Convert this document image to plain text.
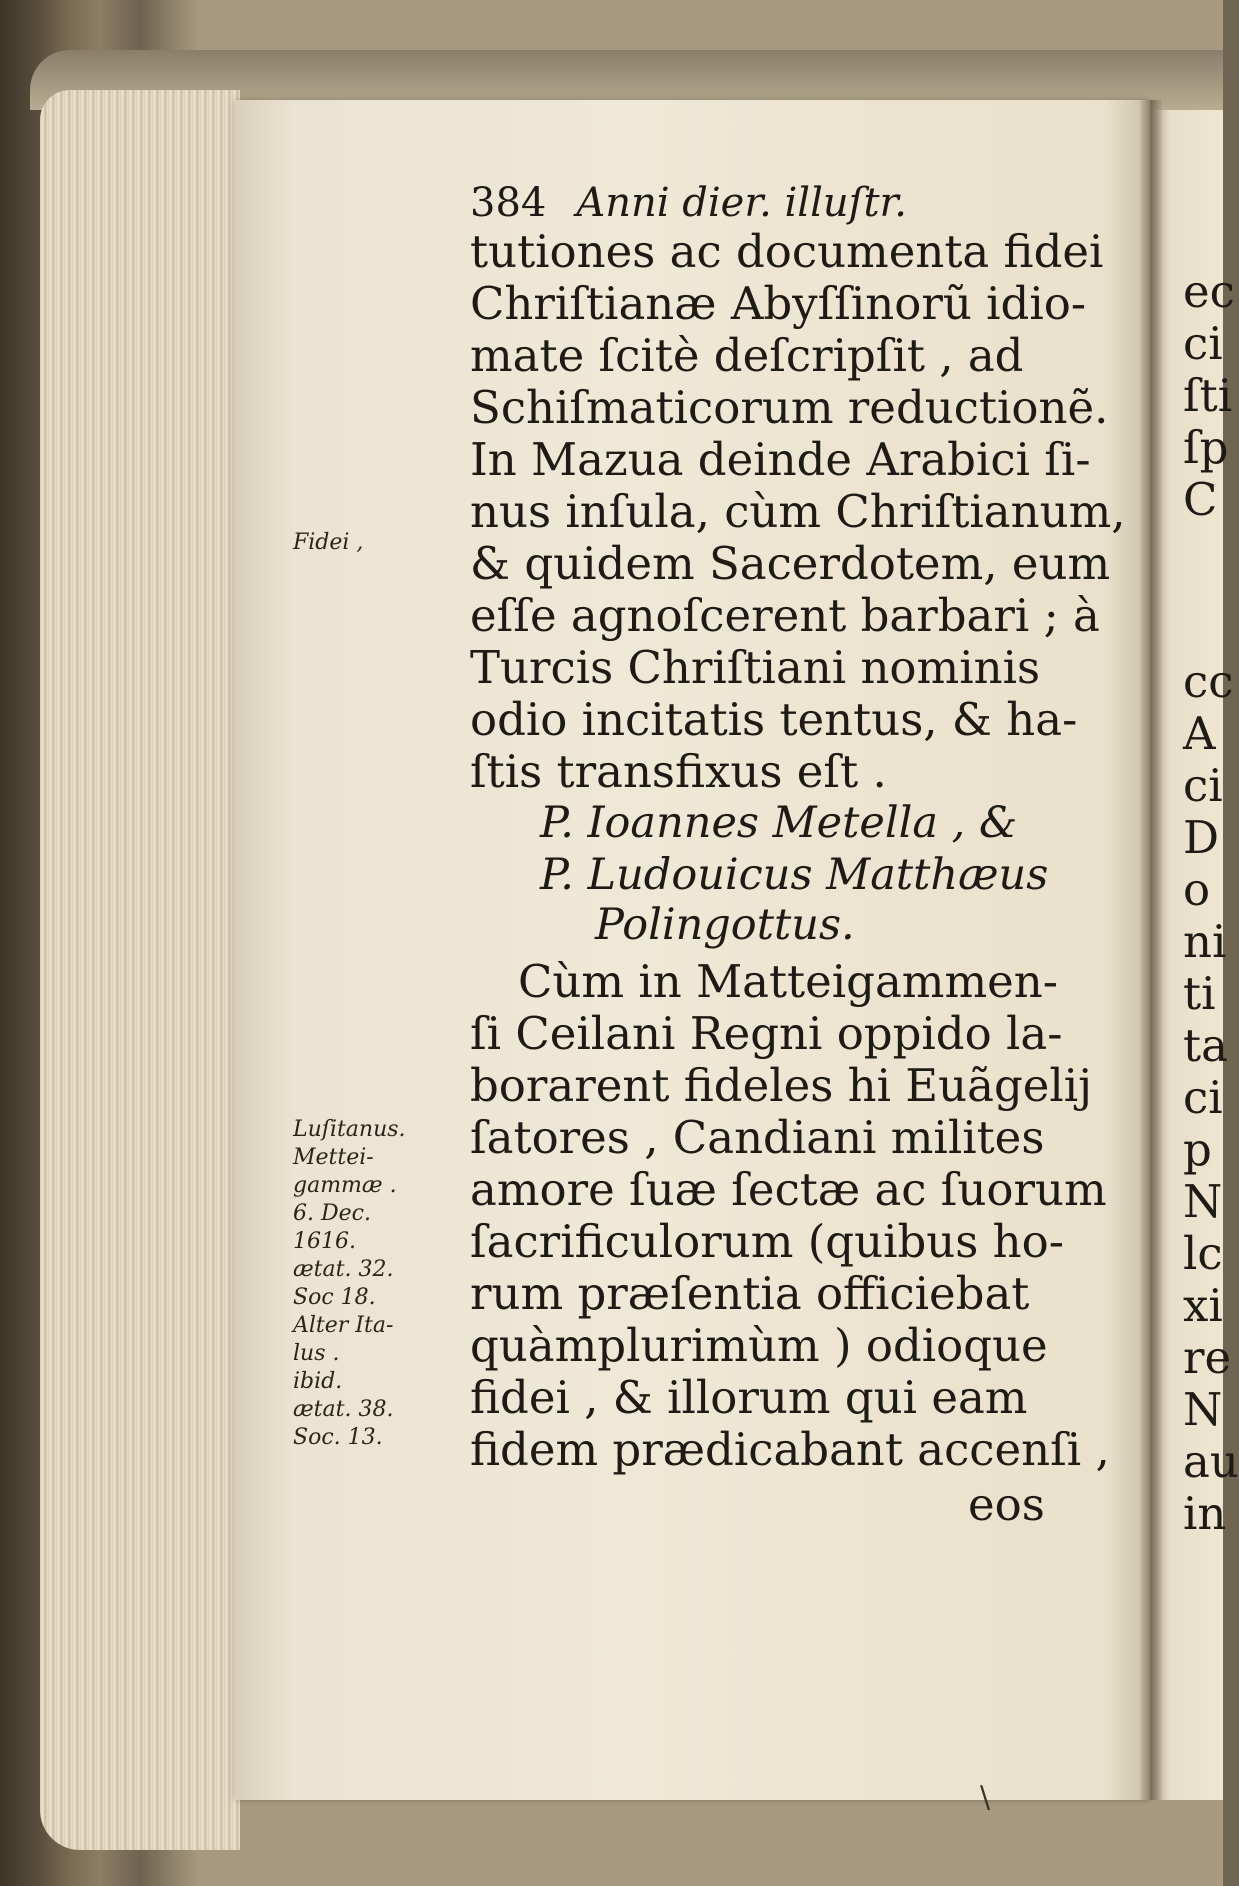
384 Anni dier. illuſtr.
tutiones ac documenta fidei
Chriſtianæ Abyſſinorũ idio-
mate ſcitè deſcripſit , ad
Schiſmaticorum reductionẽ.
In Mazua deinde Arabici ſi-
nus inſula, cùm Chriſtianum,
& quidem Sacerdotem, eum
eſſe agnoſcerent barbari ; à
Turcis Chriſtiani nominis
odio incitatis tentus, & ha-
ſtis transfixus eſt .
P. Ioannes Metella , &
P. Ludouicus Matthæus
Polingottus.
Cùm in Matteigammen-
ſi Ceilani Regni oppido la-
borarent fideles hi Euãgelij
ſatores , Candiani milites
amore ſuæ ſectæ ac ſuorum
ſacrificulorum (quibus ho-
rum præſentia officiebat
quàmplurimùm ) odioque
fidei , & illorum qui eam
fidem prædicabant accenſi ,
eos
Fidei ,
Luſitanus.
Mettei-
gammæ .
6. Dec.
1616.
ætat. 32.
Soc 18.
Alter Ita-
lus .
ibid.
ætat. 38.
Soc. 13.
ec
ci
ſti
ſp
C
cc
A
ci
D
o
ni
ti
ta
ci
p
N
lc
xi
re
N
au
in
\
